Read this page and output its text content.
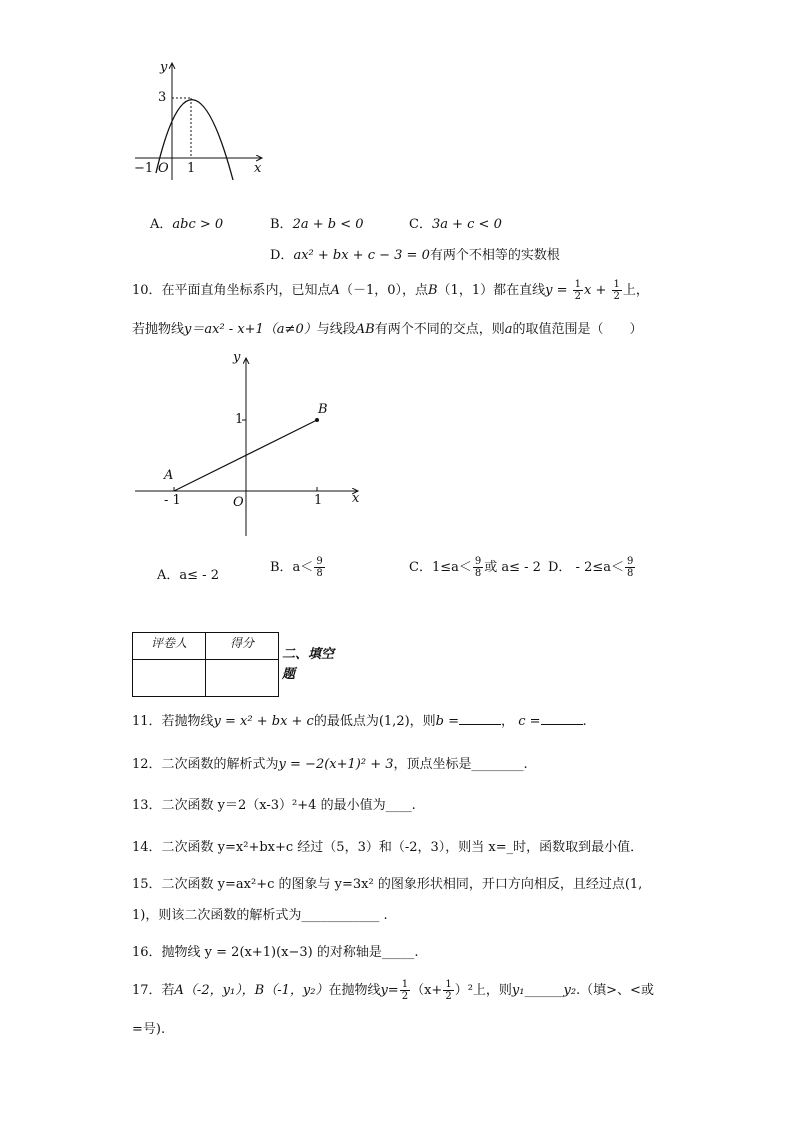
y
x
3
−1 O 1
A．abc > 0	B．2a + b < 0	C．3a + c < 0
D．ax² + bx + c − 3 = 0有两个不相等的实数根
10．在平面直角坐标系内，已知点A（－1，0），点B（1，1）都在直线$y = \frac{1}{2}$ $x + \frac{1}{2}$ 上，
若抛物线y＝ax² - x+1（a≠0）与线段AB有两个不同的交点，则a的取值范围是（　　）
y
x
1
B
A
- 1	O	1
A．a≤ - 2
B．$a< \frac{9}{8}$	C．$1\le a< \frac{9}{8}$ 或 a≤ - 2 D． - $2\le a< \frac{9}{8}$
评卷人	得分

二、填空
题
11．若抛物线y = x² + bx + c的最低点为(1,2)，则b =	， c =	.
12．二次函数的解析式为y = −2(x+1)² + 3，顶点坐标是________.
13．二次函数 y＝2（x-3）²+4 的最小值为____.
14．二次函数 y=x²+bx+c 经过（5，3）和（-2，3），则当 x=_时，函数取到最小值．
15．二次函数 y=ax²+c 的图象与 y=3x² 的图象形状相同，开口方向相反，且经过点(1,
1)，则该二次函数的解析式为____________ .
16．抛物线 y = 2(x+1)(x−3) 的对称轴是_____.
17．若A（-2，y₁），B（-1，y₂）在抛物线$y= \frac{1}{2} (x+ \frac{1}{2} )^2$上，则y₁______y₂.（填>、<或
=号).
